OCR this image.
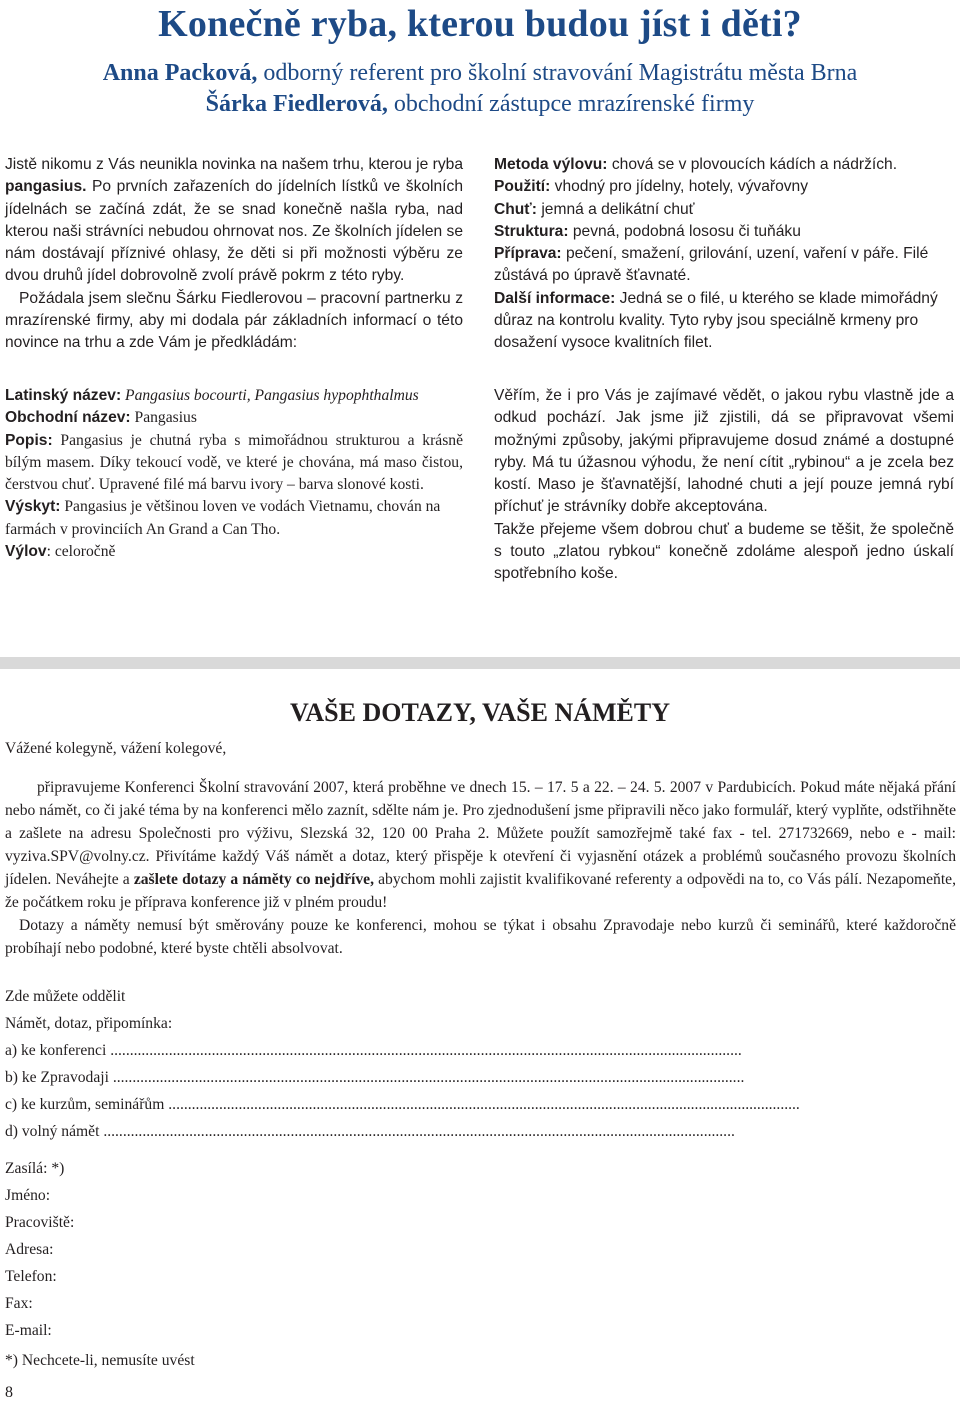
Konečně ryba, kterou budou jíst i děti?
Anna Packová, odborný referent pro školní stravování Magistrátu města Brna
Šárka Fiedlerová, obchodní zástupce mrazírenské firmy

Jistě nikomu z Vás neunikla novinka na našem trhu, kterou je ryba pangasius. Po prvních zařazeních do jídelních lístků ve školních jídelnách se začíná zdát, že se snad konečně našla ryba, nad kterou naši strávníci nebudou ohrnovat nos. Ze školních jídelen se nám dostávají příznivé ohlasy, že děti si při možnosti výběru ze dvou druhů jídel dobrovolně zvolí právě pokrm z této ryby.

Požádala jsem slečnu Šárku Fiedlerovou – pracovní partnerku z mrazírenské firmy, aby mi dodala pár základních informací o této novince na trhu a zde Vám je předkládám:

Latinský název: Pangasius bocourti, Pangasius hypophthalmus

Obchodní název: Pangasius

Popis: Pangasius je chutná ryba s mimořádnou strukturou a krásně bílým masem. Díky tekoucí vodě, ve které je chována, má maso čistou, čerstvou chuť. Upravené filé má barvu ivory – barva slonové kosti.

Výskyt: Pangasius je většinou loven ve vodách Vietnamu, chován na farmách v provinciích An Grand a Can Tho.

Výlov: celoročně

Metoda výlovu: chová se v plovoucích kádích a nádržích.

Použití: vhodný pro jídelny, hotely, vývařovny

Chuť: jemná a delikátní chuť

Struktura: pevná, podobná lososu či tuňáku

Příprava: pečení, smažení, grilování, uzení, vaření v páře. Filé zůstává po úpravě šťavnaté.

Další informace: Jedná se o filé, u kterého se klade mimořádný důraz na kontrolu kvality. Tyto ryby jsou speciálně krmeny pro dosažení vysoce kvalitních filet.

Věřím, že i pro Vás je zajímavé vědět, o jakou rybu vlastně jde a odkud pochází. Jak jsme již zjistili, dá se připravovat všemi možnými způsoby, jakými připravujeme dosud známé a dostupné ryby. Má tu úžasnou výhodu, že není cítit „rybinou“ a je zcela bez kostí. Maso je šťavnatější, lahodné chuti a její pouze jemná rybí příchuť je strávníky dobře akceptována.

Takže přejeme všem dobrou chuť a budeme se těšit, že společně s touto „zlatou rybkou“ konečně zdoláme alespoň jedno úskalí spotřebního koše.

VAŠE DOTAZY, VAŠE NÁMĚTY
Vážené kolegyně, vážení kolegové,

připravujeme Konferenci Školní stravování 2007, která proběhne ve dnech 15. – 17. 5 a 22. – 24. 5. 2007 v Pardubicích. Pokud máte nějaká přání nebo námět, co či jaké téma by na konferenci mělo zaznít, sdělte nám je. Pro zjednodušení jsme připravili něco jako formulář, který vyplňte, odstřihněte a zašlete na adresu Společnosti pro výživu, Slezská 32, 120 00 Praha 2. Můžete použít samozřejmě také fax - tel. 271732669, nebo e - mail: vyziva.SPV@volny.cz. Přivítáme každý Váš námět a dotaz, který přispěje k otevření či vyjasnění otázek a problémů současného provozu školních jídelen. Neváhejte a zašlete dotazy a náměty co nejdříve, abychom mohli zajistit kvalifikované referenty a odpovědi na to, co Vás pálí. Nezapomeňte, že počátkem roku je příprava konference již v plném proudu!

Dotazy a náměty nemusí být směrovány pouze ke konferenci, mohou se týkat i obsahu Zpravodaje nebo kurzů či seminářů, které každoročně probíhají nebo podobné, které byste chtěli absolvovat.

Zde můžete oddělit
Námět, dotaz, připomínka:
a) ke konferenci ..................................................................................................................................................................
b) ke Zpravodaji ..................................................................................................................................................................
c) ke kurzům, seminářům ..................................................................................................................................................................
d) volný námět ..................................................................................................................................................................
Zasílá: *)
Jméno:
Pracoviště:
Adresa:
Telefon:
Fax:
E-mail:
*) Nechcete-li, nemusíte uvést
8
